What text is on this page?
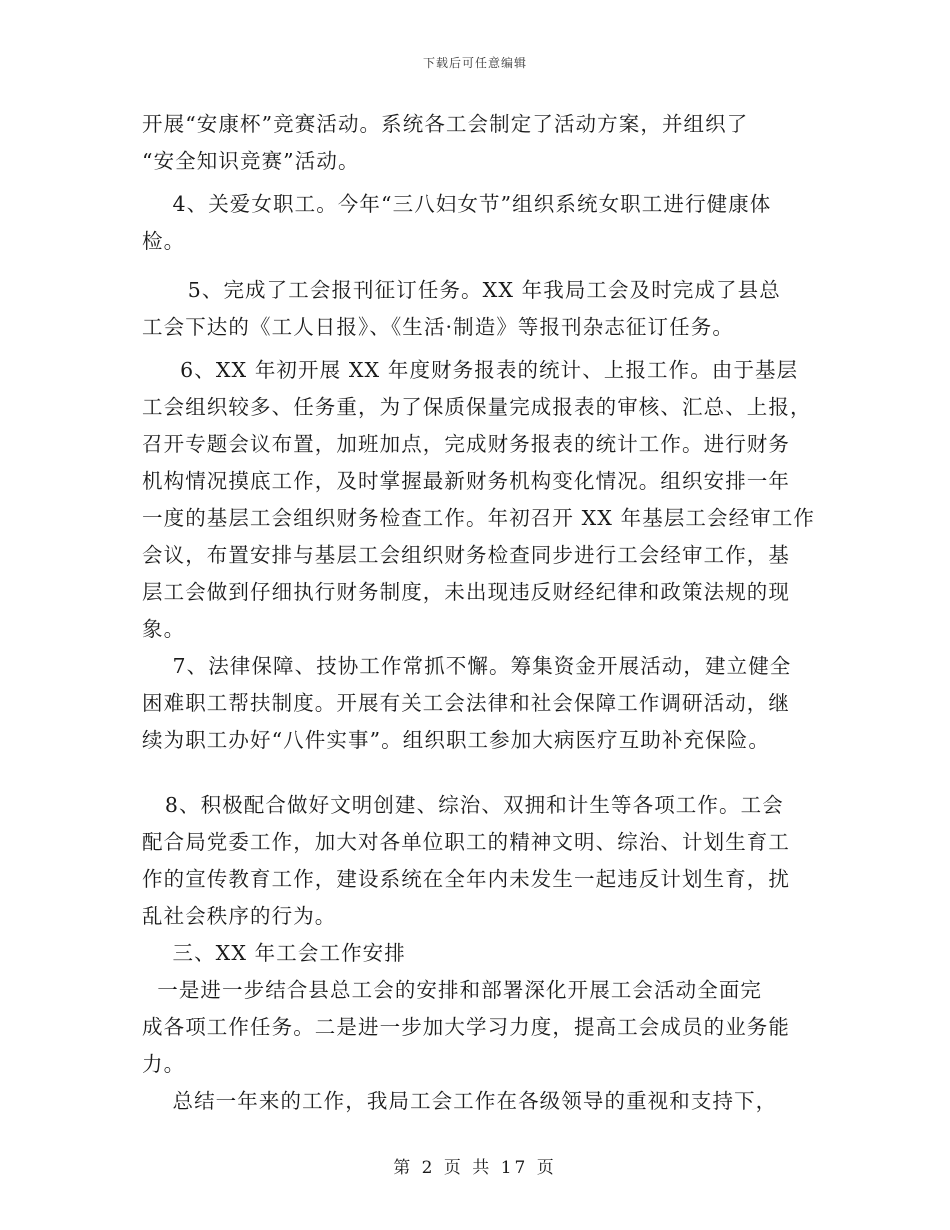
下载后可任意编辑
开展“安康杯”竞赛活动。系统各工会制定了活动方案，并组织了
“安全知识竞赛”活动。
4、关爱女职工。今年“三八妇女节”组织系统女职工进行健康体
检。
5、完成了工会报刊征订任务。XX 年我局工会及时完成了县总
工会下达的《工人日报》、《生活·制造》等报刊杂志征订任务。
6、XX 年初开展 XX 年度财务报表的统计、上报工作。由于基层
工会组织较多、任务重，为了保质保量完成报表的审核、汇总、上报，
召开专题会议布置，加班加点，完成财务报表的统计工作。进行财务
机构情况摸底工作，及时掌握最新财务机构变化情况。组织安排一年
一度的基层工会组织财务检查工作。年初召开 XX 年基层工会经审工作
会议，布置安排与基层工会组织财务检查同步进行工会经审工作，基
层工会做到仔细执行财务制度，未出现违反财经纪律和政策法规的现
象。
7、法律保障、技协工作常抓不懈。筹集资金开展活动，建立健全
困难职工帮扶制度。开展有关工会法律和社会保障工作调研活动，继
续为职工办好“八件实事”。组织职工参加大病医疗互助补充保险。
8、积极配合做好文明创建、综治、双拥和计生等各项工作。工会
配合局党委工作，加大对各单位职工的精神文明、综治、计划生育工
作的宣传教育工作，建设系统在全年内未发生一起违反计划生育，扰
乱社会秩序的行为。
三、XX 年工会工作安排
一是进一步结合县总工会的安排和部署深化开展工会活动全面完
成各项工作任务。二是进一步加大学习力度，提高工会成员的业务能
力。
总结一年来的工作，我局工会工作在各级领导的重视和支持下，
第 2 页 共 17 页
